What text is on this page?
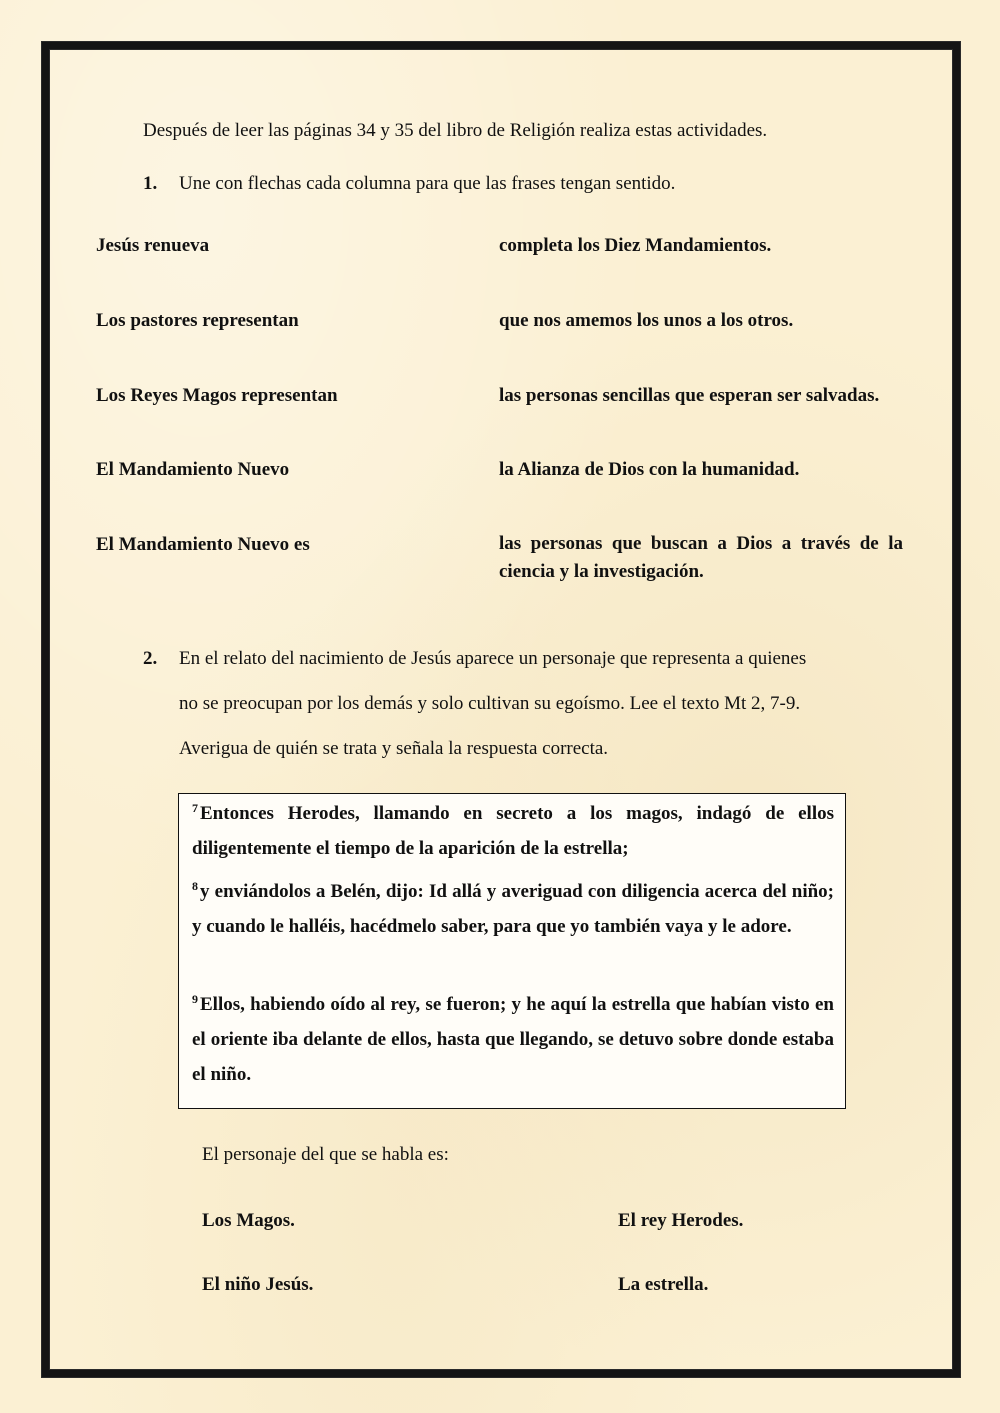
Después de leer las páginas 34 y 35 del libro de Religión realiza estas actividades.
1. Une con flechas cada columna para que las frases tengan sentido.
Jesús renueva
Los pastores representan
Los Reyes Magos representan
El Mandamiento Nuevo
El Mandamiento Nuevo es
completa los Diez Mandamientos.
que nos amemos los unos a los otros.
las personas sencillas que esperan ser salvadas.
la Alianza de Dios con la humanidad.
las personas que buscan a Dios a través de la ciencia y la investigación.
2. En el relato del nacimiento de Jesús aparece un personaje que representa a quienes
no se preocupan por los demás y solo cultivan su egoísmo. Lee el texto Mt 2, 7-9.
Averigua de quién se trata y señala la respuesta correcta.
$^7$ Entonces Herodes, llamando en secreto a los magos, indagó de ellos diligentemente el tiempo de la aparición de la estrella;
$^8$ y enviándolos a Belén, dijo: Id allá y averiguad con diligencia acerca del niño; y cuando le halléis, hacédmelo saber, para que yo también vaya y le adore.
$^9$ Ellos, habiendo oído al rey, se fueron; y he aquí la estrella que habían visto en el oriente iba delante de ellos, hasta que llegando, se detuvo sobre donde estaba el niño.
El personaje del que se habla es:
Los Magos.	El rey Herodes.
El niño Jesús.	La estrella.
